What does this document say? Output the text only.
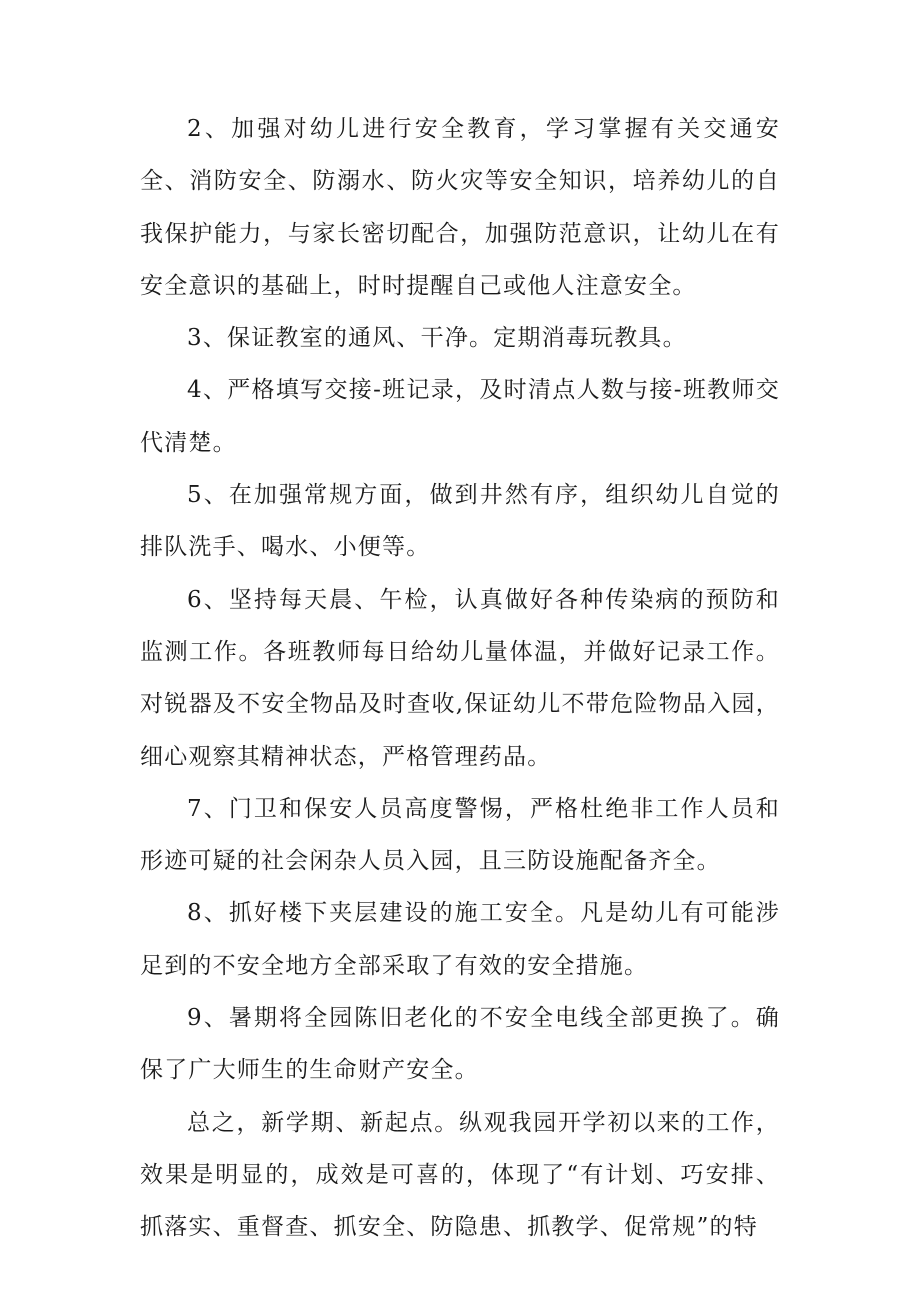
2、加强对幼儿进行安全教育，学习掌握有关交通安全、消防安全、防溺水、防火灾等安全知识，培养幼儿的自我保护能力，与家长密切配合，加强防范意识，让幼儿在有安全意识的基础上，时时提醒自己或他人注意安全。

3、保证教室的通风、干净。定期消毒玩教具。

4、严格填写交接-班记录，及时清点人数与接-班教师交代清楚。

5、在加强常规方面，做到井然有序，组织幼儿自觉的排队洗手、喝水、小便等。

6、坚持每天晨、午检，认真做好各种传染病的预防和监测工作。各班教师每日给幼儿量体温，并做好记录工作。对锐器及不安全物品及时查收,保证幼儿不带危险物品入园，细心观察其精神状态，严格管理药品。

7、门卫和保安人员高度警惕，严格杜绝非工作人员和形迹可疑的社会闲杂人员入园，且三防设施配备齐全。

8、抓好楼下夹层建设的施工安全。凡是幼儿有可能涉足到的不安全地方全部采取了有效的安全措施。

9、暑期将全园陈旧老化的不安全电线全部更换了。确保了广大师生的生命财产安全。

总之，新学期、新起点。纵观我园开学初以来的工作，效果是明显的，成效是可喜的，体现了“有计划、巧安排、抓落实、重督查、抓安全、防隐患、抓教学、促常规”的特
